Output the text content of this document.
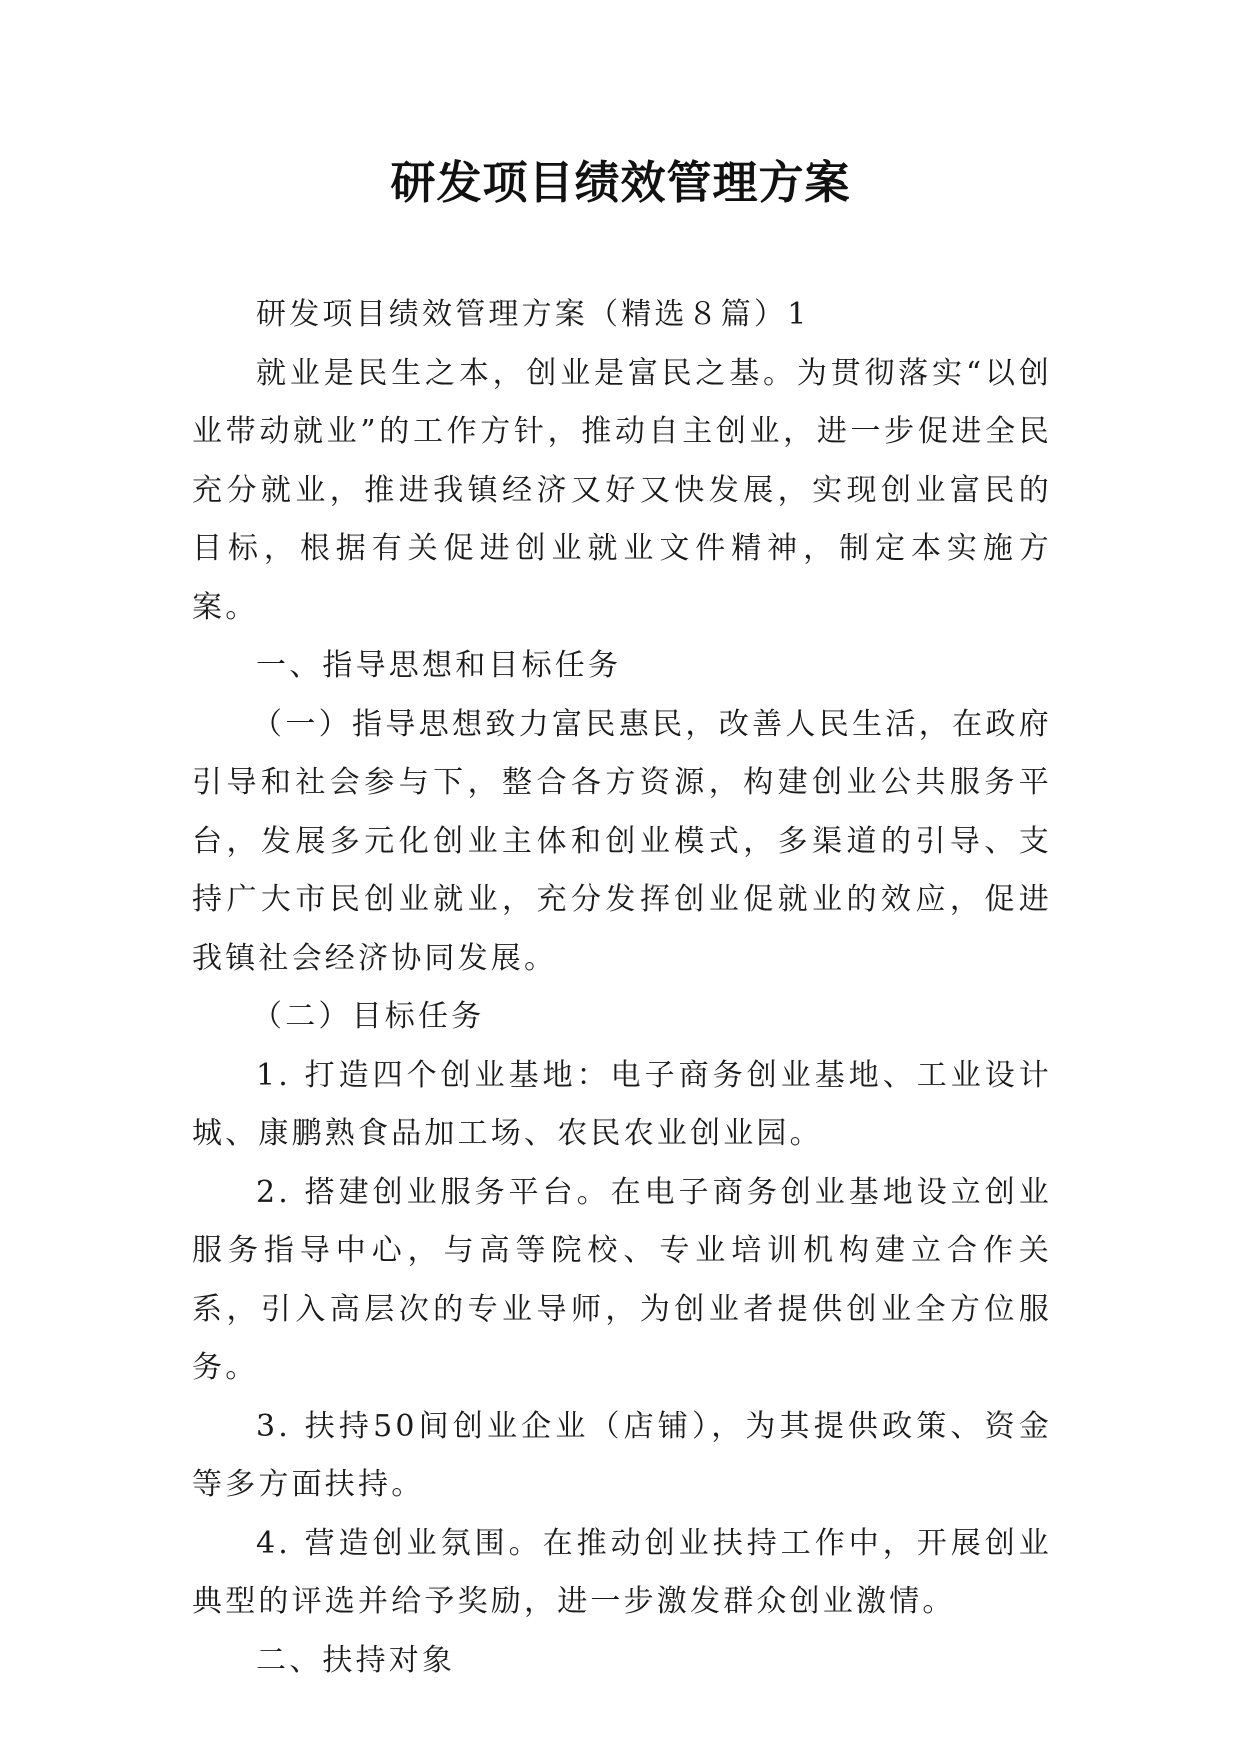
研发项目绩效管理方案

研发项目绩效管理方案（精选８篇）1

就业是民生之本，创业是富民之基。为贯彻落实“以创业带动就业”的工作方针，推动自主创业，进一步促进全民充分就业，推进我镇经济又好又快发展，实现创业富民的目标，根据有关促进创业就业文件精神，制定本实施方案。

一、指导思想和目标任务

（一）指导思想致力富民惠民，改善人民生活，在政府引导和社会参与下，整合各方资源，构建创业公共服务平台，发展多元化创业主体和创业模式，多渠道的引导、支持广大市民创业就业，充分发挥创业促就业的效应，促进我镇社会经济协同发展。

（二）目标任务

1. 打造四个创业基地：电子商务创业基地、工业设计城、康鹏熟食品加工场、农民农业创业园。

2. 搭建创业服务平台。在电子商务创业基地设立创业服务指导中心，与高等院校、专业培训机构建立合作关系，引入高层次的专业导师，为创业者提供创业全方位服务。

3. 扶持50间创业企业（店铺），为其提供政策、资金等多方面扶持。

4. 营造创业氛围。在推动创业扶持工作中，开展创业典型的评选并给予奖励，进一步激发群众创业激情。

二、扶持对象
